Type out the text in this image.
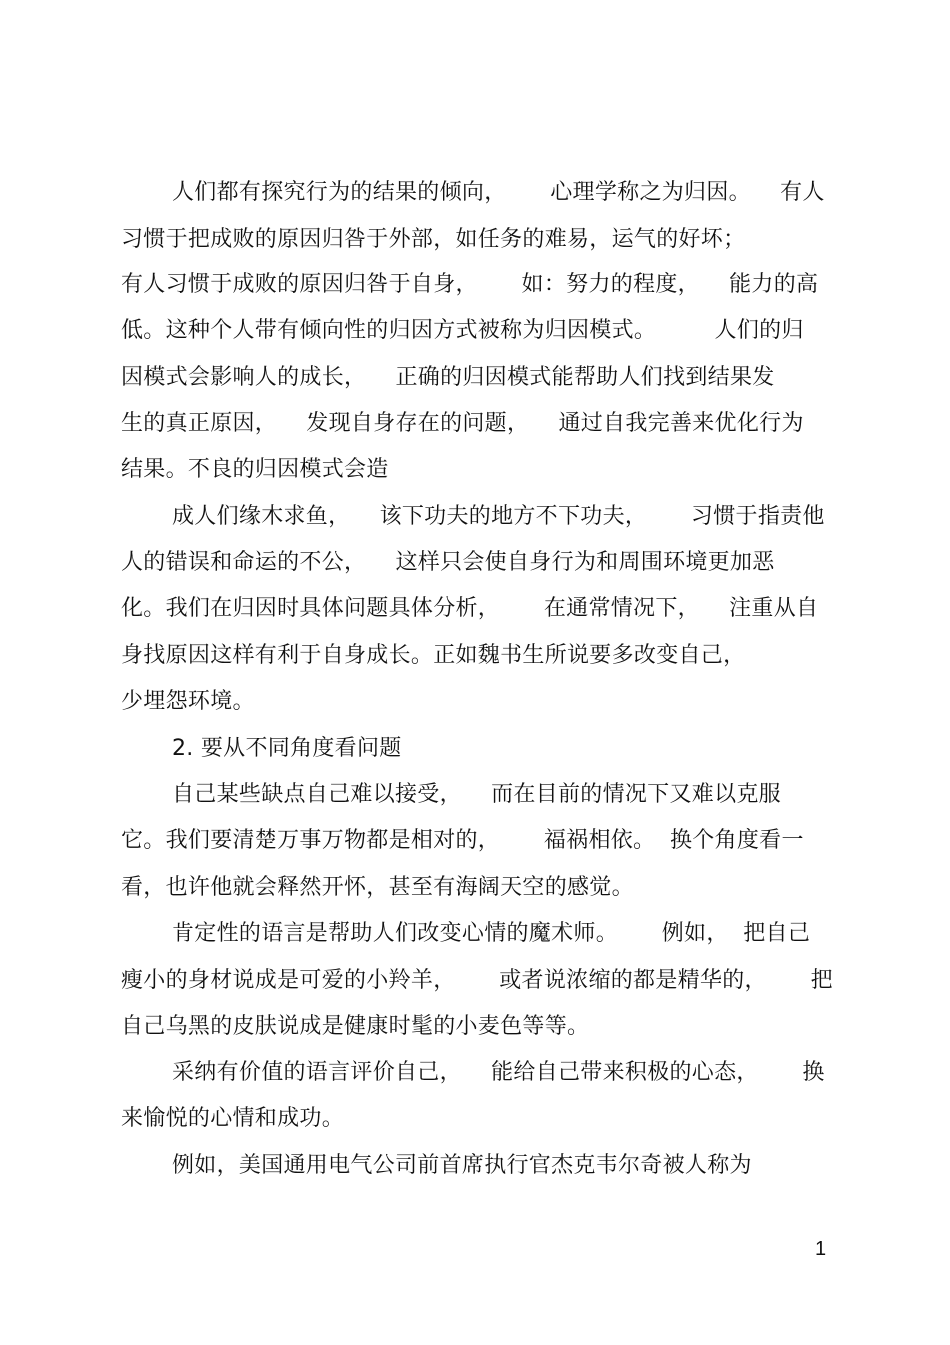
人们都有探究行为的结果的倾向，      心理学称之为归因。    有人
习惯于把成败的原因归咎于外部，如任务的难易，运气的好坏；
有人习惯于成败的原因归咎于自身，      如：努力的程度，    能力的高
低。这种个人带有倾向性的归因方式被称为归因模式。        人们的归
因模式会影响人的成长，    正确的归因模式能帮助人们找到结果发
生的真正原因，    发现自身存在的问题，    通过自我完善来优化行为
结果。不良的归因模式会造
成人们缘木求鱼，    该下功夫的地方不下功夫，      习惯于指责他
人的错误和命运的不公，    这样只会使自身行为和周围环境更加恶
化。我们在归因时具体问题具体分析，      在通常情况下，    注重从自
身找原因这样有利于自身成长。正如魏书生所说要多改变自己，
少埋怨环境。
2. 要从不同角度看问题
自己某些缺点自己难以接受，    而在目前的情况下又难以克服
它。我们要清楚万事万物都是相对的，      福祸相依。  换个角度看一
看，也许他就会释然开怀，甚至有海阔天空的感觉。
肯定性的语言是帮助人们改变心情的魔术师。      例如，  把自己
瘦小的身材说成是可爱的小羚羊，      或者说浓缩的都是精华的，      把
自己乌黑的皮肤说成是健康时髦的小麦色等等。
采纳有价值的语言评价自己，    能给自己带来积极的心态，      换
来愉悦的心情和成功。
例如，美国通用电气公司前首席执行官杰克韦尔奇被人称为
1
